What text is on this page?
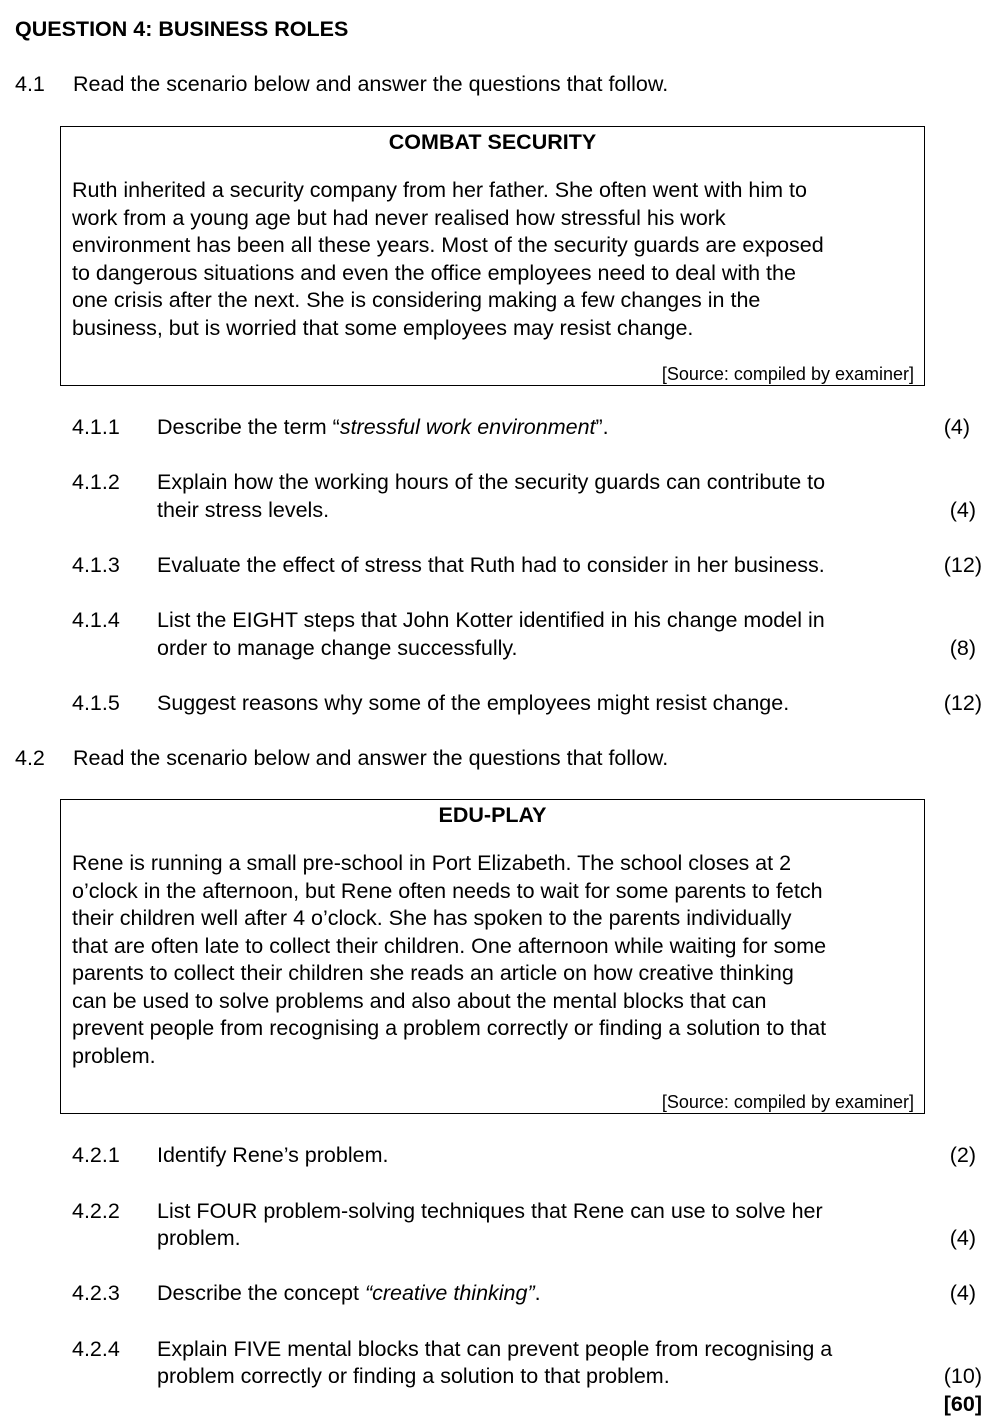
QUESTION 4: BUSINESS ROLES
4.1 Read the scenario below and answer the questions that follow.
COMBAT SECURITY
Ruth inherited a security company from her father. She often went with him to
work from a young age but had never realised how stressful his work
environment has been all these years. Most of the security guards are exposed
to dangerous situations and even the office employees need to deal with the
one crisis after the next. She is considering making a few changes in the
business, but is worried that some employees may resist change.
[Source: compiled by examiner]
4.1.1 Describe the term “stressful work environment”.	(4)
4.1.2 Explain how the working hours of the security guards can contribute to
their stress levels.	(4)
4.1.3 Evaluate the effect of stress that Ruth had to consider in her business.	(12)
4.1.4 List the EIGHT steps that John Kotter identified in his change model in
order to manage change successfully.	(8)
4.1.5 Suggest reasons why some of the employees might resist change.	(12)
4.2 Read the scenario below and answer the questions that follow.
EDU-PLAY
Rene is running a small pre-school in Port Elizabeth. The school closes at 2
o’clock in the afternoon, but Rene often needs to wait for some parents to fetch
their children well after 4 o’clock. She has spoken to the parents individually
that are often late to collect their children. One afternoon while waiting for some
parents to collect their children she reads an article on how creative thinking
can be used to solve problems and also about the mental blocks that can
prevent people from recognising a problem correctly or finding a solution to that
problem.
[Source: compiled by examiner]
4.2.1 Identify Rene’s problem.	(2)
4.2.2 List FOUR problem-solving techniques that Rene can use to solve her
problem.	(4)
4.2.3 Describe the concept “creative thinking”.	(4)
4.2.4 Explain FIVE mental blocks that can prevent people from recognising a
problem correctly or finding a solution to that problem.	(10)
[60]
